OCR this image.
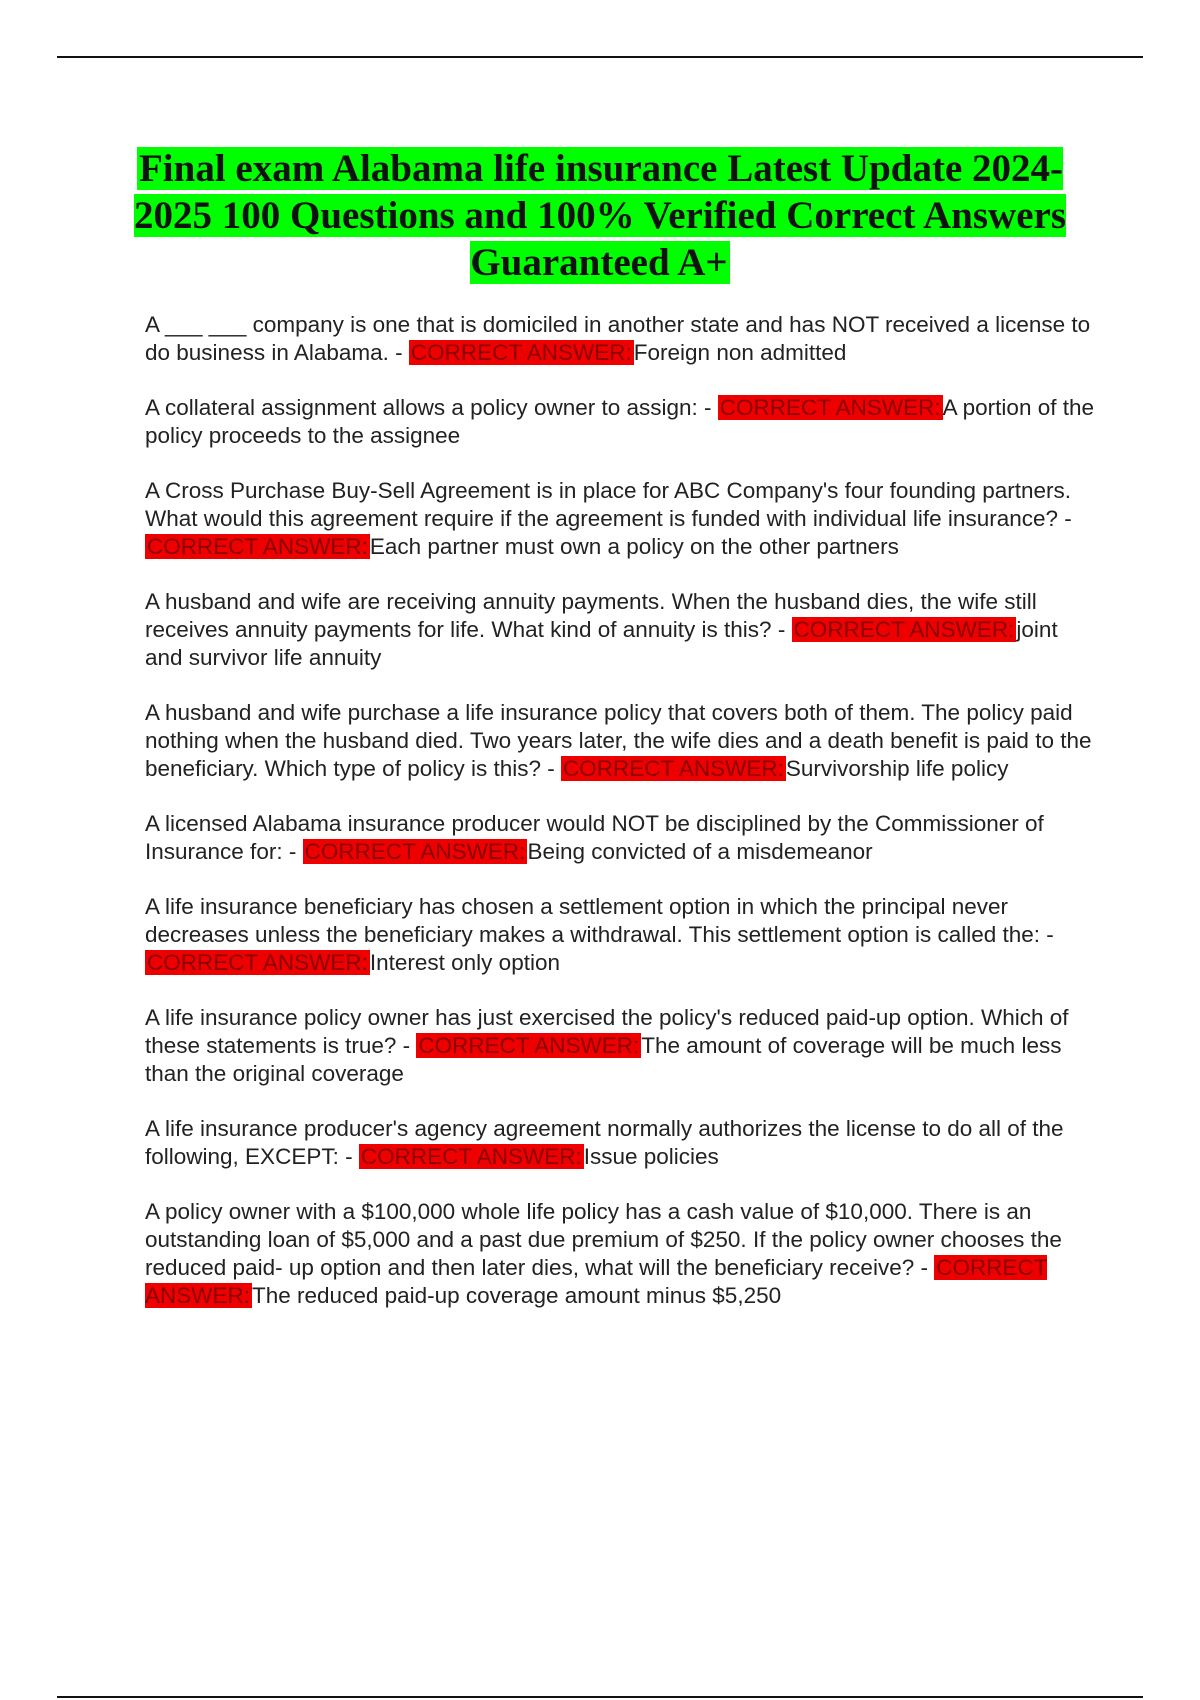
Final exam Alabama life insurance Latest Update 2024-2025 100 Questions and 100% Verified Correct Answers Guaranteed A+

A ___ ___ company is one that is domiciled in another state and has NOT received a license to do business in Alabama. - CORRECT ANSWER:Foreign non admitted

A collateral assignment allows a policy owner to assign: - CORRECT ANSWER:A portion of the policy proceeds to the assignee

A Cross Purchase Buy-Sell Agreement is in place for ABC Company's four founding partners. What would this agreement require if the agreement is funded with individual life insurance? - CORRECT ANSWER:Each partner must own a policy on the other partners

A husband and wife are receiving annuity payments. When the husband dies, the wife still receives annuity payments for life. What kind of annuity is this? - CORRECT ANSWER:joint and survivor life annuity

A husband and wife purchase a life insurance policy that covers both of them. The policy paid nothing when the husband died. Two years later, the wife dies and a death benefit is paid to the beneficiary. Which type of policy is this? - CORRECT ANSWER:Survivorship life policy

A licensed Alabama insurance producer would NOT be disciplined by the Commissioner of Insurance for: - CORRECT ANSWER:Being convicted of a misdemeanor

A life insurance beneficiary has chosen a settlement option in which the principal never decreases unless the beneficiary makes a withdrawal. This settlement option is called the: - CORRECT ANSWER:Interest only option

A life insurance policy owner has just exercised the policy's reduced paid-up option. Which of these statements is true? - CORRECT ANSWER:The amount of coverage will be much less than the original coverage

A life insurance producer's agency agreement normally authorizes the license to do all of the following, EXCEPT: - CORRECT ANSWER:Issue policies

A policy owner with a $100,000 whole life policy has a cash value of $10,000. There is an outstanding loan of $5,000 and a past due premium of $250. If the policy owner chooses the reduced paid- up option and then later dies, what will the beneficiary receive? - CORRECT ANSWER:The reduced paid-up coverage amount minus $5,250
